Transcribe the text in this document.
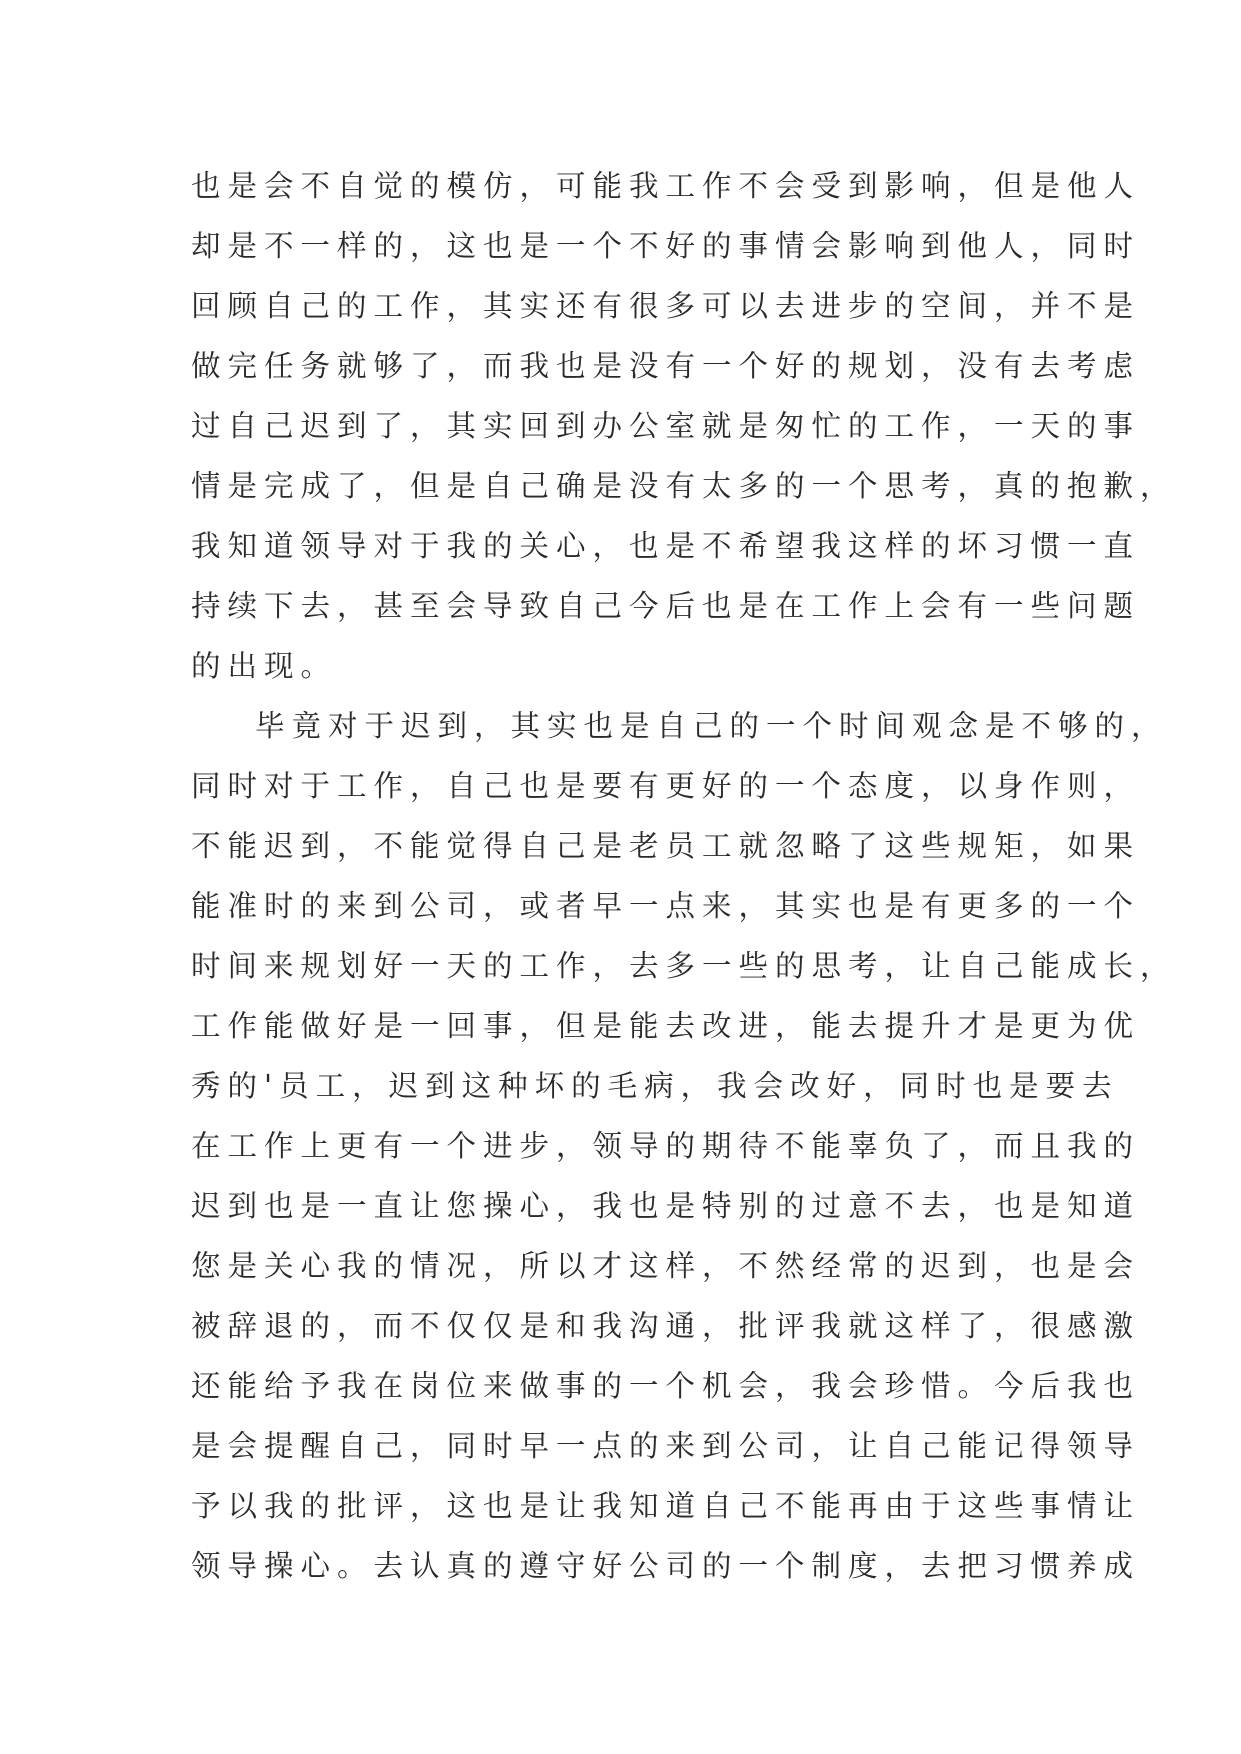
也是会不自觉的模仿，可能我工作不会受到影响，但是他人
却是不一样的，这也是一个不好的事情会影响到他人，同时
回顾自己的工作，其实还有很多可以去进步的空间，并不是
做完任务就够了，而我也是没有一个好的规划，没有去考虑
过自己迟到了，其实回到办公室就是匆忙的工作，一天的事
情是完成了，但是自己确是没有太多的一个思考，真的抱歉，
我知道领导对于我的关心，也是不希望我这样的坏习惯一直
持续下去，甚至会导致自己今后也是在工作上会有一些问题
的出现。
毕竟对于迟到，其实也是自己的一个时间观念是不够的，
同时对于工作，自己也是要有更好的一个态度，以身作则，
不能迟到，不能觉得自己是老员工就忽略了这些规矩，如果
能准时的来到公司，或者早一点来，其实也是有更多的一个
时间来规划好一天的工作，去多一些的思考，让自己能成长，
工作能做好是一回事，但是能去改进，能去提升才是更为优
秀的'员工，迟到这种坏的毛病，我会改好，同时也是要去
在工作上更有一个进步，领导的期待不能辜负了，而且我的
迟到也是一直让您操心，我也是特别的过意不去，也是知道
您是关心我的情况，所以才这样，不然经常的迟到，也是会
被辞退的，而不仅仅是和我沟通，批评我就这样了，很感激
还能给予我在岗位来做事的一个机会，我会珍惜。今后我也
是会提醒自己，同时早一点的来到公司，让自己能记得领导
予以我的批评，这也是让我知道自己不能再由于这些事情让
领导操心。去认真的遵守好公司的一个制度，去把习惯养成
